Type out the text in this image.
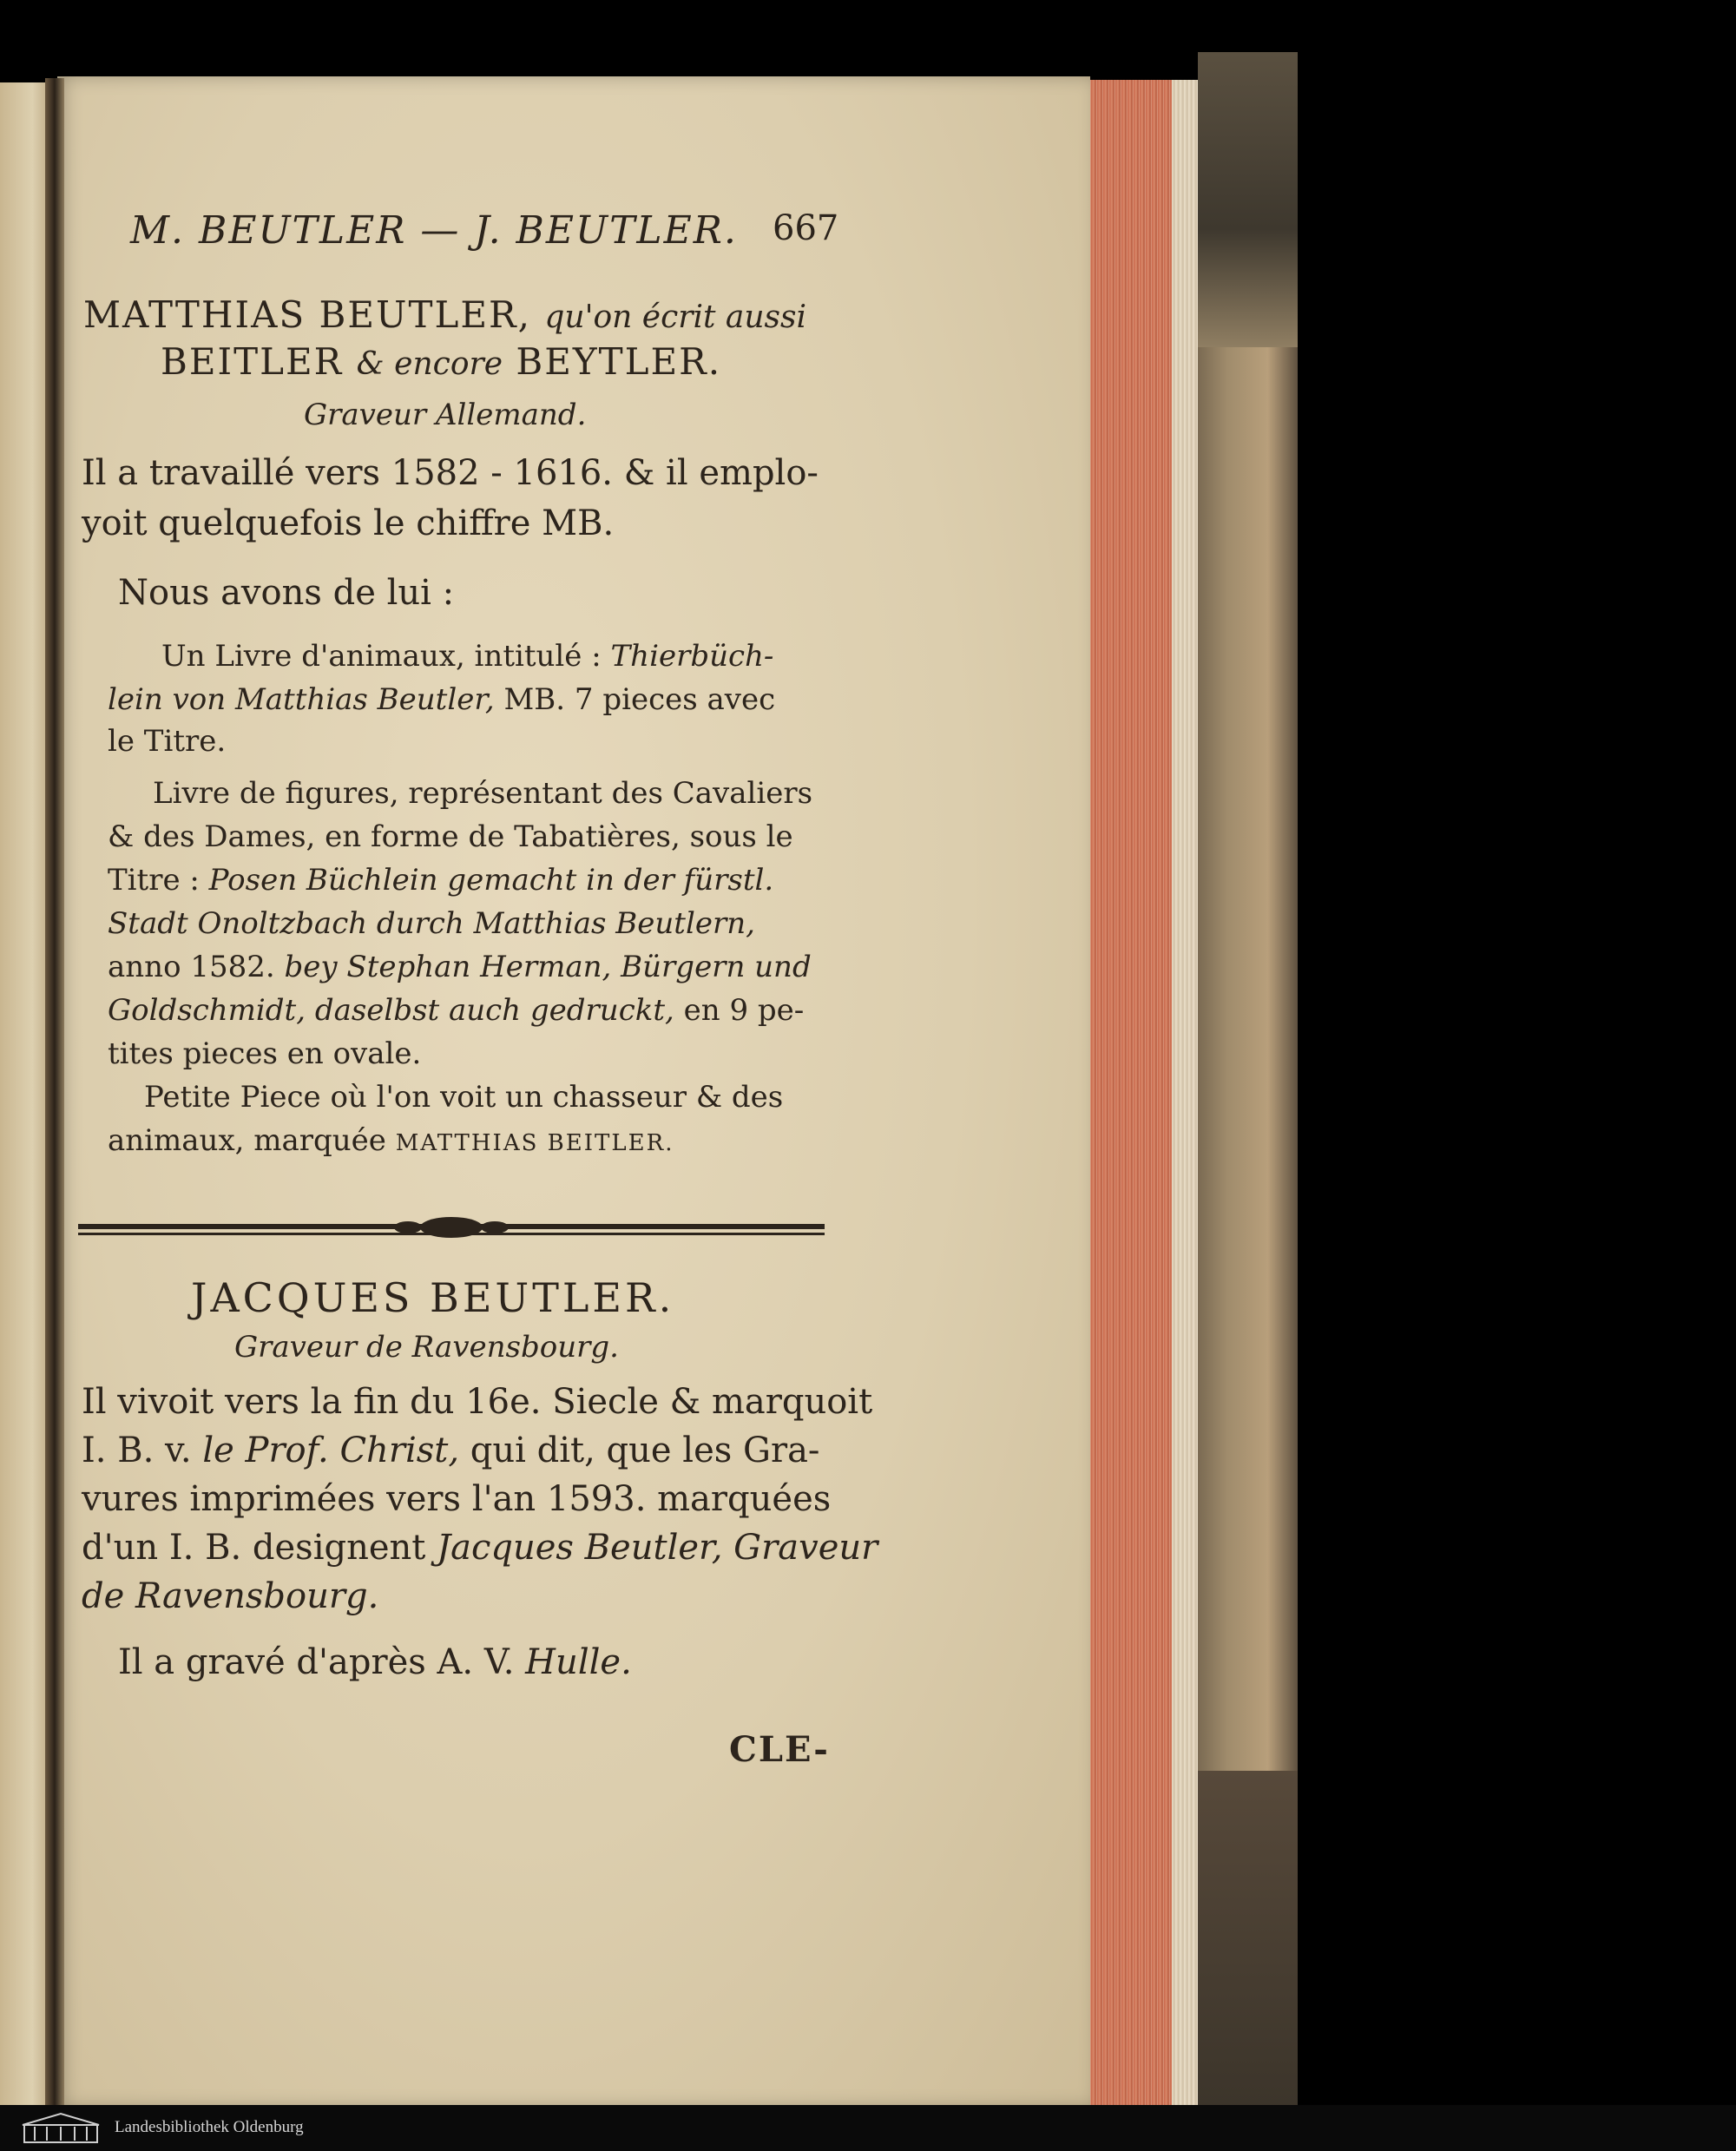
M. BEUTLER — J. BEUTLER.	667
MATTHIAS BEUTLER, qu'on écrit aussi
BEITLER & encore BEYTLER.
Graveur Allemand.
Il a travaillé vers 1582 - 1616. & il emplo-
yoit quelquefois le chiffre MB.
Nous avons de lui :
Un Livre d'animaux, intitulé : Thierbüch-
lein von Matthias Beutler, MB. 7 pieces avec
le Titre.
Livre de figures, représentant des Cavaliers
& des Dames, en forme de Tabatières, sous le
Titre : Posen Büchlein gemacht in der fürstl.
Stadt Onoltzbach durch Matthias Beutlern,
anno 1582. bey Stephan Herman, Bürgern und
Goldschmidt, daselbst auch gedruckt, en 9 pe-
tites pieces en ovale.
Petite Piece où l'on voit un chasseur & des
animaux, marquée MATTHIAS BEITLER.
JACQUES BEUTLER.
Graveur de Ravensbourg.
Il vivoit vers la fin du 16e. Siecle & marquoit
I. B. v. le Prof. Christ, qui dit, que les Gra-
vures imprimées vers l'an 1593. marquées
d'un I. B. designent Jacques Beutler, Graveur
de Ravensbourg.
Il a gravé d'après A. V. Hulle.
CLE-
Landesbibliothek Oldenburg
